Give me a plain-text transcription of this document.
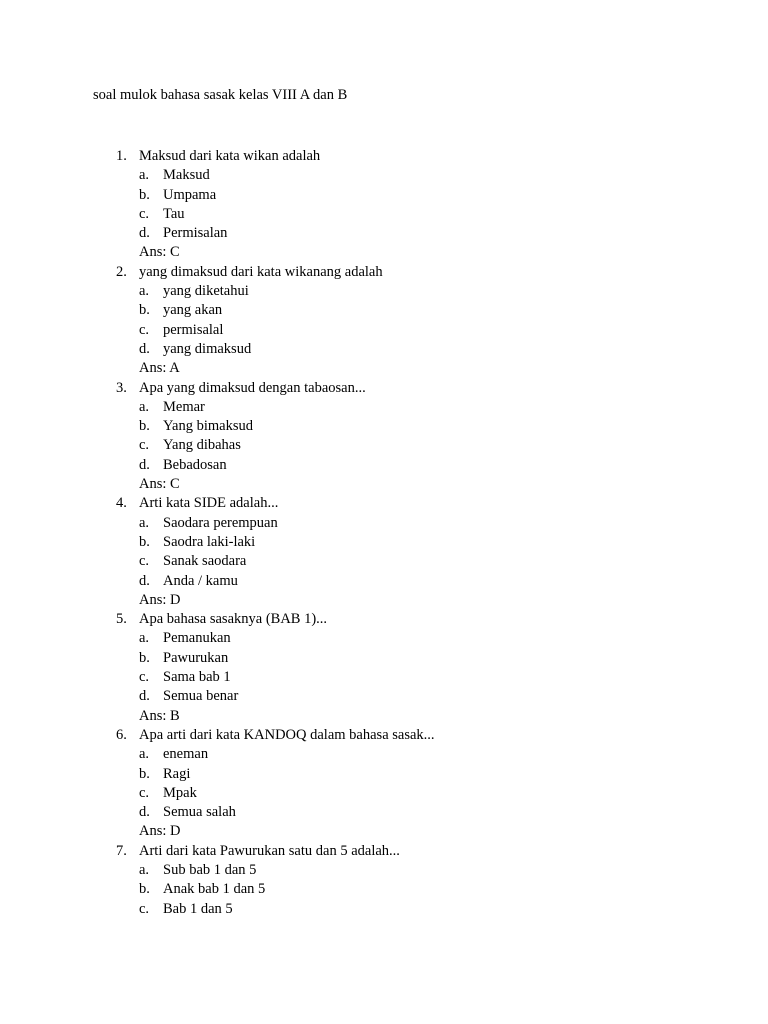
soal mulok bahasa sasak kelas VIII A dan B
1. Maksud dari kata wikan adalah
a. Maksud
b. Umpama
c. Tau
d. Permisalan
Ans: C
2. yang dimaksud dari kata wikanang adalah
a. yang diketahui
b. yang akan
c. permisalal
d. yang dimaksud
Ans: A
3. Apa yang dimaksud dengan tabaosan...
a. Memar
b. Yang bimaksud
c. Yang dibahas
d. Bebadosan
Ans: C
4. Arti kata SIDE adalah...
a. Saodara perempuan
b. Saodra laki-laki
c. Sanak saodara
d. Anda / kamu
Ans: D
5. Apa bahasa sasaknya (BAB 1)...
a. Pemanukan
b. Pawurukan
c. Sama bab 1
d. Semua benar
Ans: B
6. Apa arti dari kata KANDOQ dalam bahasa sasak...
a. eneman
b. Ragi
c. Mpak
d. Semua salah
Ans: D
7. Arti dari kata Pawurukan satu dan 5 adalah...
a. Sub bab 1 dan 5
b. Anak bab 1 dan 5
c. Bab 1 dan 5
